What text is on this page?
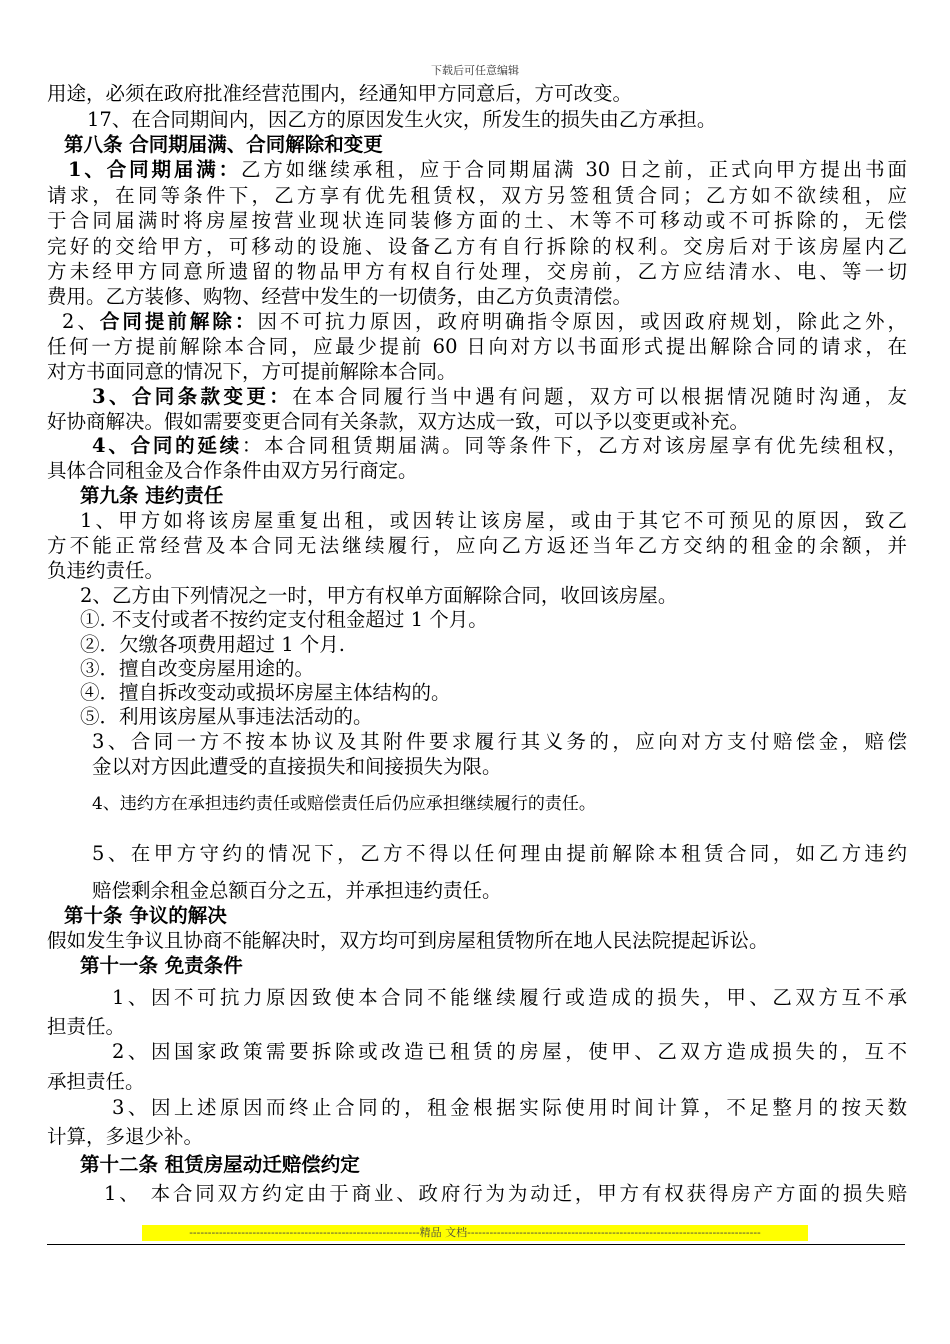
下载后可任意编辑
用途，必须在政府批准经营范围内，经通知甲方同意后，方可改变。
17、在合同期间内，因乙方的原因发生火灾，所发生的损失由乙方承担。
第八条 合同期届满、合同解除和变更
1、合同期届满：乙方如继续承租，应于合同期届满 30 日之前，正式向甲方提出书面
请求，在同等条件下，乙方享有优先租赁权，双方另签租赁合同；乙方如不欲续租，应
于合同届满时将房屋按营业现状连同装修方面的土、木等不可移动或不可拆除的，无偿
完好的交给甲方，可移动的设施、设备乙方有自行拆除的权利。交房后对于该房屋内乙
方未经甲方同意所遗留的物品甲方有权自行处理，交房前，乙方应结清水、电、等一切
费用。乙方装修、购物、经营中发生的一切债务，由乙方负责清偿。
2、合同提前解除：因不可抗力原因，政府明确指令原因，或因政府规划，除此之外，
任何一方提前解除本合同，应最少提前 60 日向对方以书面形式提出解除合同的请求，在
对方书面同意的情况下，方可提前解除本合同。
3、合同条款变更：在本合同履行当中遇有问题，双方可以根据情况随时沟通，友
好协商解决。假如需要变更合同有关条款，双方达成一致，可以予以变更或补充。
4、合同的延续：本合同租赁期届满。同等条件下，乙方对该房屋享有优先续租权，
具体合同租金及合作条件由双方另行商定。
第九条 违约责任
1、甲方如将该房屋重复出租，或因转让该房屋，或由于其它不可预见的原因，致乙
方不能正常经营及本合同无法继续履行，应向乙方返还当年乙方交纳的租金的余额，并
负违约责任。
2、乙方由下列情况之一时，甲方有权单方面解除合同，收回该房屋。
①. 不支付或者不按约定支付租金超过 1 个月。
②．欠缴各项费用超过 1 个月.
③．擅自改变房屋用途的。
④．擅自拆改变动或损坏房屋主体结构的。
⑤．利用该房屋从事违法活动的。
3、合同一方不按本协议及其附件要求履行其义务的，应向对方支付赔偿金，赔偿
金以对方因此遭受的直接损失和间接损失为限。
4、违约方在承担违约责任或赔偿责任后仍应承担继续履行的责任。
5、在甲方守约的情况下，乙方不得以任何理由提前解除本租赁合同，如乙方违约
赔偿剩余租金总额百分之五，并承担违约责任。
第十条 争议的解决
假如发生争议且协商不能解决时，双方均可到房屋租赁物所在地人民法院提起诉讼。
第十一条 免责条件
1、因不可抗力原因致使本合同不能继续履行或造成的损失，甲、乙双方互不承
担责任。
2、因国家政策需要拆除或改造已租赁的房屋，使甲、乙双方造成损失的，互不
承担责任。
3、因上述原因而终止合同的，租金根据实际使用时间计算，不足整月的按天数
计算，多退少补。
第十二条 租赁房屋动迁赔偿约定
1、 本合同双方约定由于商业、政府行为为动迁，甲方有权获得房产方面的损失赔
--------------------------------------------------------------精品 文档-------------------------------------------------------------------------------
